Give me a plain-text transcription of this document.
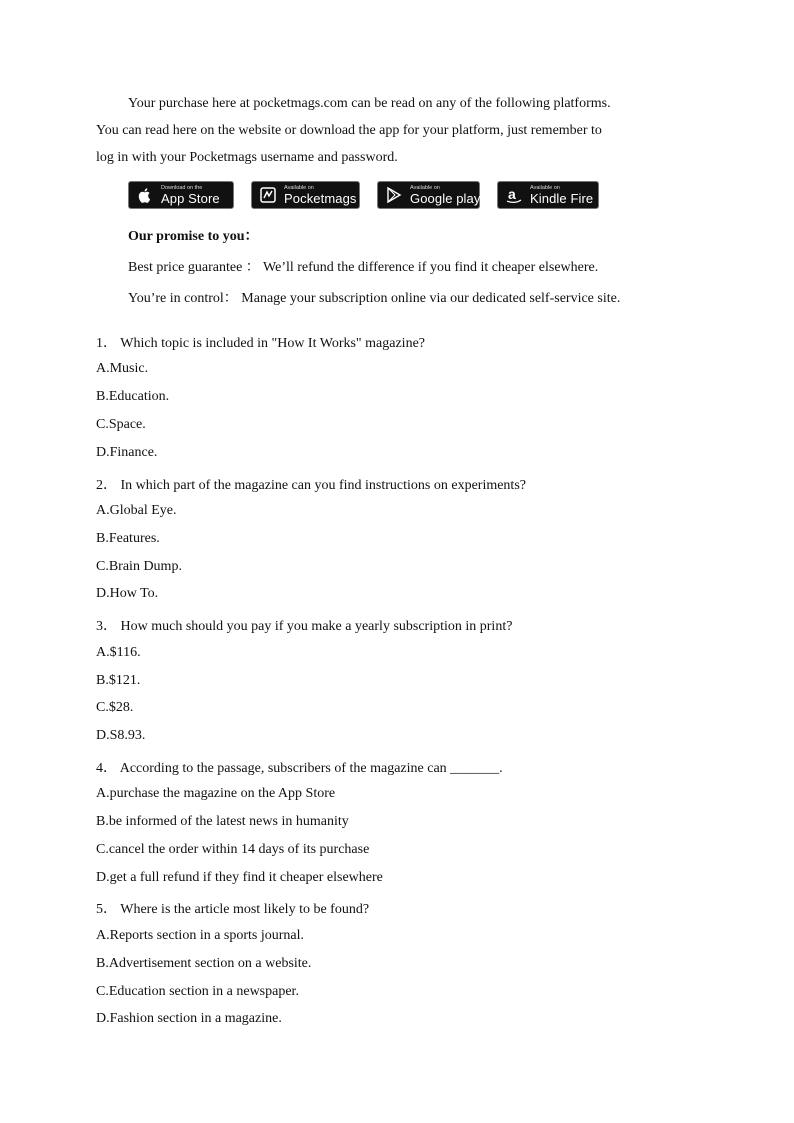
Your purchase here at pocketmags.com can be read on any of the following platforms.

You can read here on the website or download the app for your platform, just remember to

log in with your Pocketmags username and password.

Download on the
App Store
Available on
Pocketmags
Available on
Google play a	Available on
Kindle Fire

Our promise to you：

Best price guarantee ： We’ll refund the difference if you find it cheaper elsewhere.

You’re in control： Manage your subscription online via our dedicated self-service site.

1． Which topic is included in "How It Works" magazine?

A.Music.

B.Education.

C.Space.

D.Finance.

2． In which part of the magazine can you find instructions on experiments?

A.Global Eye.

B.Features.

C.Brain Dump.

D.How To.

3． How much should you pay if you make a yearly subscription in print?

A.$116.

B.$121.

C.$28.

D.S8.93.

4． According to the passage, subscribers of the magazine can _______.

A.purchase the magazine on the App Store

B.be informed of the latest news in humanity

C.cancel the order within 14 days of its purchase

D.get a full refund if they find it cheaper elsewhere

5． Where is the article most likely to be found?

A.Reports section in a sports journal.

B.Advertisement section on a website.

C.Education section in a newspaper.

D.Fashion section in a magazine.
